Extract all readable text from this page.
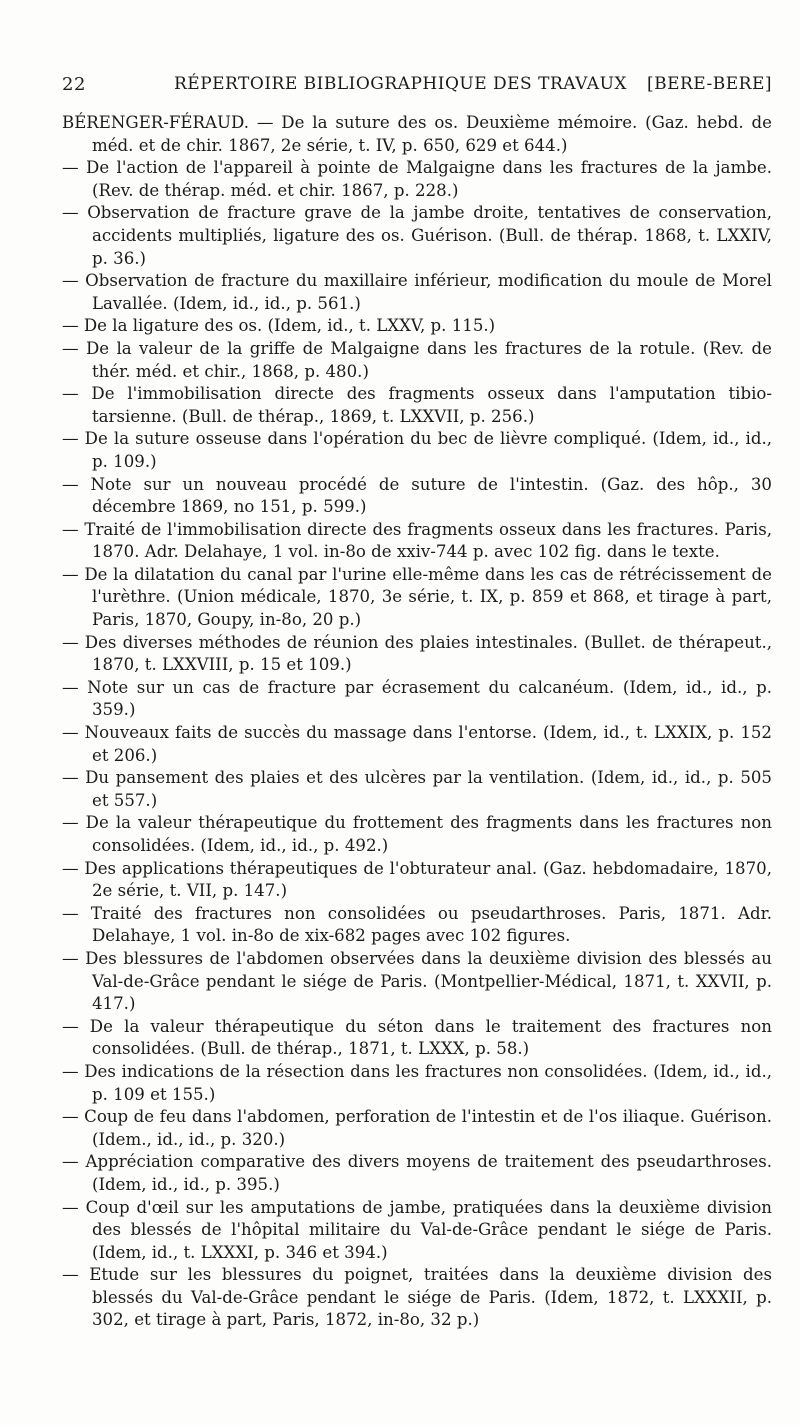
22	RÉPERTOIRE BIBLIOGRAPHIQUE DES TRAVAUX [BERE-BERE]

BÉRENGER-FÉRAUD. — De la suture des os. Deuxième mémoire. (Gaz. hebd. de méd. et de chir. 1867, 2e série, t. IV, p. 650, 629 et 644.)

— De l'action de l'appareil à pointe de Malgaigne dans les fractures de la jambe. (Rev. de thérap. méd. et chir. 1867, p. 228.)

— Observation de fracture grave de la jambe droite, tentatives de conservation, accidents multipliés, ligature des os. Guérison. (Bull. de thérap. 1868, t. LXXIV, p. 36.)

— Observation de fracture du maxillaire inférieur, modification du moule de Morel Lavallée. (Idem, id., id., p. 561.)

— De la ligature des os. (Idem, id., t. LXXV, p. 115.)

— De la valeur de la griffe de Malgaigne dans les fractures de la rotule. (Rev. de thér. méd. et chir., 1868, p. 480.)

— De l'immobilisation directe des fragments osseux dans l'amputation tibio-tarsienne. (Bull. de thérap., 1869, t. LXXVII, p. 256.)

— De la suture osseuse dans l'opération du bec de lièvre compliqué. (Idem, id., id., p. 109.)

— Note sur un nouveau procédé de suture de l'intestin. (Gaz. des hôp., 30 décembre 1869, no 151, p. 599.)

— Traité de l'immobilisation directe des fragments osseux dans les fractures. Paris, 1870. Adr. Delahaye, 1 vol. in-8o de xxiv-744 p. avec 102 fig. dans le texte.

— De la dilatation du canal par l'urine elle-même dans les cas de rétrécissement de l'urèthre. (Union médicale, 1870, 3e série, t. IX, p. 859 et 868, et tirage à part, Paris, 1870, Goupy, in-8o, 20 p.)

— Des diverses méthodes de réunion des plaies intestinales. (Bullet. de thérapeut., 1870, t. LXXVIII, p. 15 et 109.)

— Note sur un cas de fracture par écrasement du calcanéum. (Idem, id., id., p. 359.)

— Nouveaux faits de succès du massage dans l'entorse. (Idem, id., t. LXXIX, p. 152 et 206.)

— Du pansement des plaies et des ulcères par la ventilation. (Idem, id., id., p. 505 et 557.)

— De la valeur thérapeutique du frottement des fragments dans les fractures non consolidées. (Idem, id., id., p. 492.)

— Des applications thérapeutiques de l'obturateur anal. (Gaz. hebdomadaire, 1870, 2e série, t. VII, p. 147.)

— Traité des fractures non consolidées ou pseudarthroses. Paris, 1871. Adr. Delahaye, 1 vol. in-8o de xix-682 pages avec 102 figures.

— Des blessures de l'abdomen observées dans la deuxième division des blessés au Val-de-Grâce pendant le siége de Paris. (Montpellier-Médical, 1871, t. XXVII, p. 417.)

— De la valeur thérapeutique du séton dans le traitement des fractures non consolidées. (Bull. de thérap., 1871, t. LXXX, p. 58.)

— Des indications de la résection dans les fractures non consolidées. (Idem, id., id., p. 109 et 155.)

— Coup de feu dans l'abdomen, perforation de l'intestin et de l'os iliaque. Guérison. (Idem., id., id., p. 320.)

— Appréciation comparative des divers moyens de traitement des pseudarthroses. (Idem, id., id., p. 395.)

— Coup d'œil sur les amputations de jambe, pratiquées dans la deuxième division des blessés de l'hôpital militaire du Val-de-Grâce pendant le siége de Paris. (Idem, id., t. LXXXI, p. 346 et 394.)

— Etude sur les blessures du poignet, traitées dans la deuxième division des blessés du Val-de-Grâce pendant le siége de Paris. (Idem, 1872, t. LXXXII, p. 302, et tirage à part, Paris, 1872, in-8o, 32 p.)
